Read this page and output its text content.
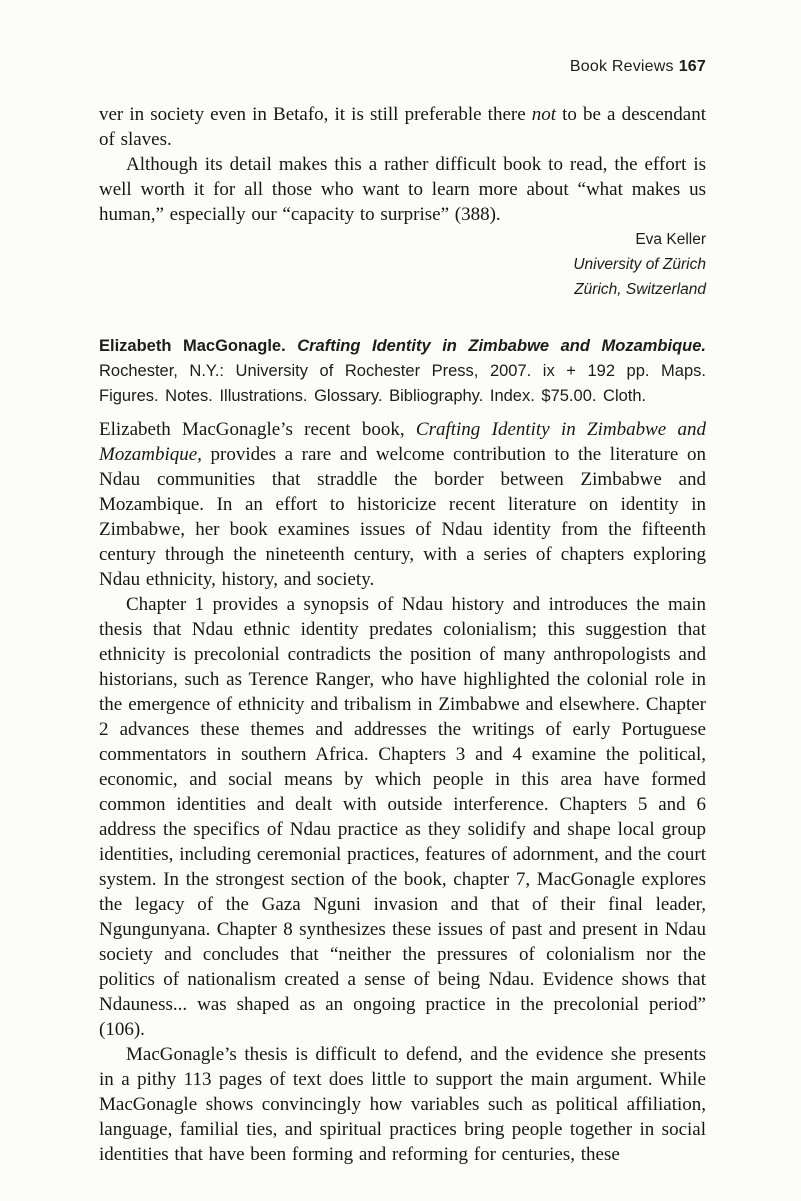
Book Reviews 167

ver in society even in Betafo, it is still preferable there not to be a descendant of slaves.

Although its detail makes this a rather difficult book to read, the effort is well worth it for all those who want to learn more about “what makes us human,” especially our “capacity to surprise” (388).

Eva Keller
University of Zürich
Zürich, Switzerland
Elizabeth MacGonagle. Crafting Identity in Zimbabwe and Mozambique. Rochester, N.Y.: University of Rochester Press, 2007. ix + 192 pp. Maps. Figures. Notes. Illustrations. Glossary. Bibliography. Index. $75.00. Cloth.

Elizabeth MacGonagle’s recent book, Crafting Identity in Zimbabwe and Mozambique, provides a rare and welcome contribution to the literature on Ndau communities that straddle the border between Zimbabwe and Mozambique. In an effort to historicize recent literature on identity in Zimbabwe, her book examines issues of Ndau identity from the fifteenth century through the nineteenth century, with a series of chapters exploring Ndau ethnicity, history, and society.

Chapter 1 provides a synopsis of Ndau history and introduces the main thesis that Ndau ethnic identity predates colonialism; this suggestion that ethnicity is precolonial contradicts the position of many anthropologists and historians, such as Terence Ranger, who have highlighted the colonial role in the emergence of ethnicity and tribalism in Zimbabwe and elsewhere. Chapter 2 advances these themes and addresses the writings of early Portuguese commentators in southern Africa. Chapters 3 and 4 examine the political, economic, and social means by which people in this area have formed common identities and dealt with outside interference. Chapters 5 and 6 address the specifics of Ndau practice as they solidify and shape local group identities, including ceremonial practices, features of adornment, and the court system. In the strongest section of the book, chapter 7, MacGonagle explores the legacy of the Gaza Nguni invasion and that of their final leader, Ngungunyana. Chapter 8 synthesizes these issues of past and present in Ndau society and concludes that “neither the pressures of colonialism nor the politics of nationalism created a sense of being Ndau. Evidence shows that Ndauness... was shaped as an ongoing practice in the precolonial period” (106).

MacGonagle’s thesis is difficult to defend, and the evidence she presents in a pithy 113 pages of text does little to support the main argument. While MacGonagle shows convincingly how variables such as political affiliation, language, familial ties, and spiritual practices bring people together in social identities that have been forming and reforming for centuries, these
